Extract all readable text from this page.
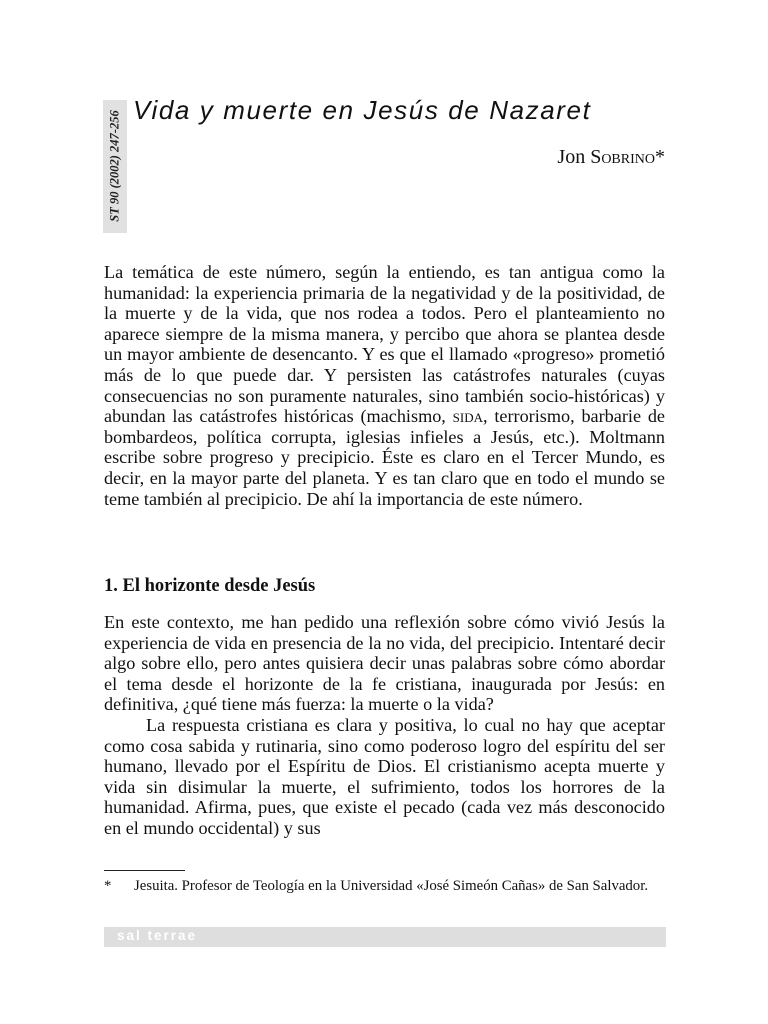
ST 90 (2002) 247-256
Vida y muerte en Jesús de Nazaret
Jon Sobrino*

La temática de este número, según la entiendo, es tan antigua como la humanidad: la experiencia primaria de la negatividad y de la positividad, de la muerte y de la vida, que nos rodea a todos. Pero el planteamiento no aparece siempre de la misma manera, y percibo que ahora se plantea desde un mayor ambiente de desencanto. Y es que el llamado «progreso» prometió más de lo que puede dar. Y persisten las catástrofes naturales (cuyas consecuencias no son puramente naturales, sino también socio-históricas) y abundan las catástrofes históricas (machismo, sida, terrorismo, barbarie de bombardeos, política corrupta, iglesias infieles a Jesús, etc.). Moltmann escribe sobre progreso y precipicio. Éste es claro en el Tercer Mundo, es decir, en la mayor parte del planeta. Y es tan claro que en todo el mundo se teme también al precipicio. De ahí la importancia de este número.

1. El horizonte desde Jesús

En este contexto, me han pedido una reflexión sobre cómo vivió Jesús la experiencia de vida en presencia de la no vida, del precipicio. Intentaré decir algo sobre ello, pero antes quisiera decir unas palabras sobre cómo abordar el tema desde el horizonte de la fe cristiana, inaugurada por Jesús: en definitiva, ¿qué tiene más fuerza: la muerte o la vida?

La respuesta cristiana es clara y positiva, lo cual no hay que aceptar como cosa sabida y rutinaria, sino como poderoso logro del espíritu del ser humano, llevado por el Espíritu de Dios. El cristianismo acepta muerte y vida sin disimular la muerte, el sufrimiento, todos los horrores de la humanidad. Afirma, pues, que existe el pecado (cada vez más desconocido en el mundo occidental) y sus

* Jesuita. Profesor de Teología en la Universidad «José Simeón Cañas» de San Salvador.
sal terrae
